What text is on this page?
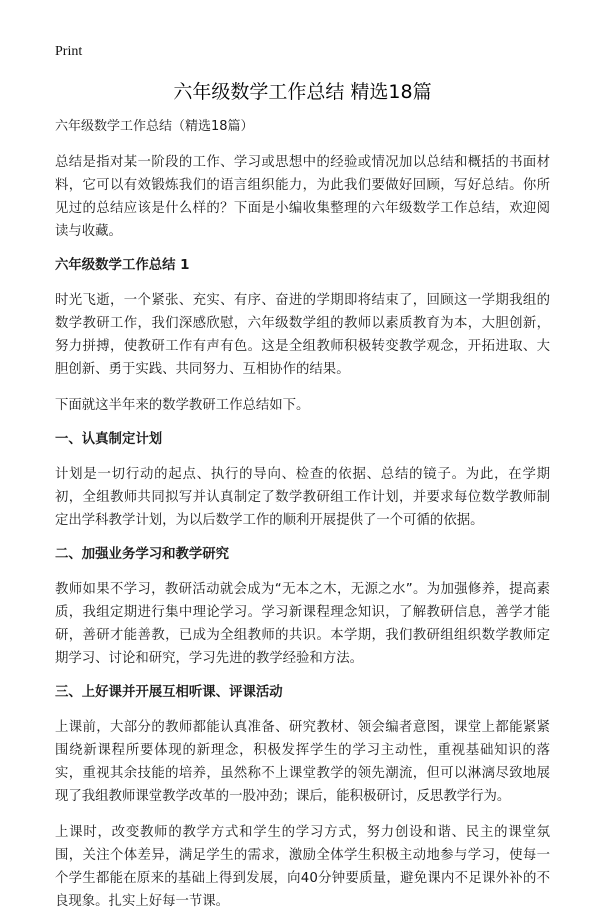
Print
六年级数学工作总结 精选18篇
六年级数学工作总结（精选18篇）

总结是指对某一阶段的工作、学习或思想中的经验或情况加以总结和概括的书面材料，它可以有效锻炼我们的语言组织能力，为此我们要做好回顾，写好总结。你所见过的总结应该是什么样的？下面是小编收集整理的六年级数学工作总结，欢迎阅读与收藏。

六年级数学工作总结 1

时光飞逝，一个紧张、充实、有序、奋进的学期即将结束了，回顾这一学期我组的数学教研工作，我们深感欣慰，六年级数学组的教师以素质教育为本，大胆创新，努力拼搏，使教研工作有声有色。这是全组教师积极转变教学观念，开拓进取、大胆创新、勇于实践、共同努力、互相协作的结果。

下面就这半年来的数学教研工作总结如下。

一、认真制定计划

计划是一切行动的起点、执行的导向、检查的依据、总结的镜子。为此，在学期初，全组教师共同拟写并认真制定了数学教研组工作计划，并要求每位数学教师制定出学科教学计划，为以后数学工作的顺利开展提供了一个可循的依据。

二、加强业务学习和教学研究

教师如果不学习，教研活动就会成为“无本之木，无源之水”。为加强修养，提高素质，我组定期进行集中理论学习。学习新课程理念知识，了解教研信息，善学才能研，善研才能善教，已成为全组教师的共识。本学期，我们教研组组织数学教师定期学习、讨论和研究，学习先进的教学经验和方法。

三、上好课并开展互相听课、评课活动

上课前，大部分的教师都能认真准备、研究教材、领会编者意图，课堂上都能紧紧围绕新课程所要体现的新理念，积极发挥学生的学习主动性，重视基础知识的落实，重视其余技能的培养，虽然称不上课堂教学的领先潮流，但可以淋漓尽致地展现了我组教师课堂教学改革的一股冲劲；课后，能积极研讨，反思教学行为。

上课时，改变教师的教学方式和学生的学习方式，努力创设和谐、民主的课堂氛围，关注个体差异，满足学生的需求，激励全体学生积极主动地参与学习，使每一个学生都能在原来的基础上得到发展，向40分钟要质量，避免课内不足课外补的不良现象。扎实上好每一节课。
